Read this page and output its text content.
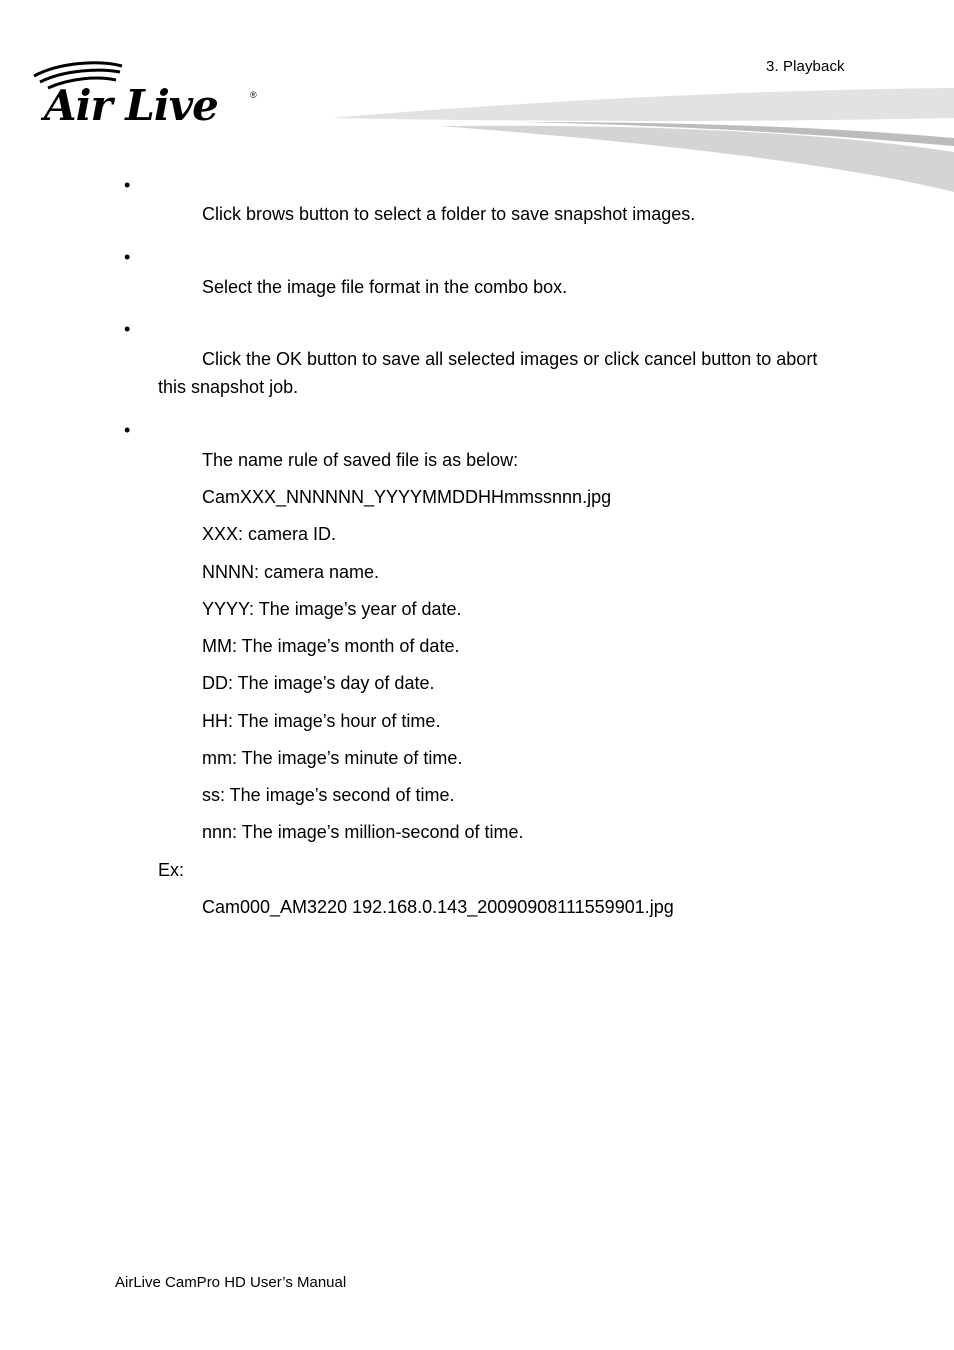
3. Playback
Air Live	®
•
Click brows button to select a folder to save snapshot images.
•
Select the image file format in the combo box.
•
Click the OK button to save all selected images or click cancel button to abort
this snapshot job.
•
The name rule of saved file is as below:
CamXXX_NNNNNN_YYYYMMDDHHmmssnnn.jpg
XXX: camera ID.
NNNN: camera name.
YYYY: The image’s year of date.
MM: The image’s month of date.
DD: The image’s day of date.
HH: The image’s hour of time.
mm: The image’s minute of time.
ss: The image’s second of time.
nnn: The image’s million-second of time.
Ex:
Cam000_AM3220 192.168.0.143_20090908111559901.jpg
AirLive CamPro HD User’s Manual
